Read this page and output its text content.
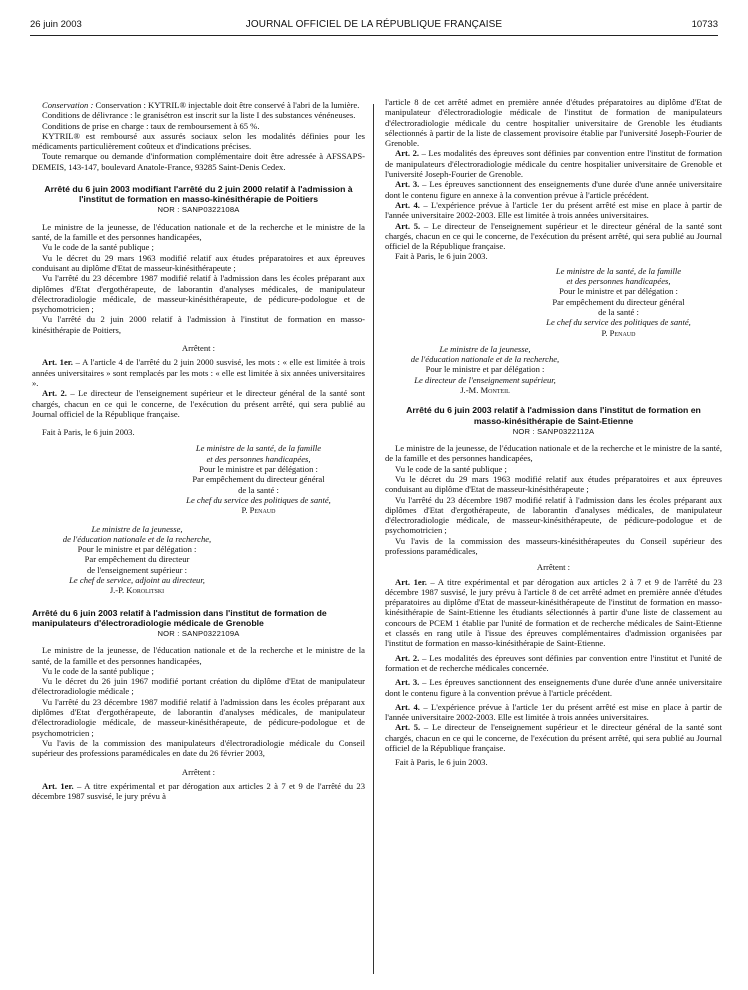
26 juin 2003	JOURNAL OFFICIEL DE LA RÉPUBLIQUE FRANÇAISE	10733

Conservation : Conservation : KYTRIL® injectable doit être conservé à l'abri de la lumière.

Conditions de délivrance : le granisétron est inscrit sur la liste I des substances vénéneuses.

Conditions de prise en charge : taux de remboursement à 65 %.

KYTRIL® est remboursé aux assurés sociaux selon les modalités définies pour les médicaments particulièrement coûteux et d'indications précises.

Toute remarque ou demande d'information complémentaire doit être adressée à AFSSAPS-DEMEIS, 143-147, boulevard Anatole-France, 93285 Saint-Denis Cedex.

Arrêté du 6 juin 2003 modifiant l'arrêté du 2 juin 2000 relatif à l'admission à l'institut de formation en masso-kinésithérapie de Poitiers
NOR : SANP0322108A

Le ministre de la jeunesse, de l'éducation nationale et de la recherche et le ministre de la santé, de la famille et des personnes handicapées,

Vu le code de la santé publique ;

Vu le décret du 29 mars 1963 modifié relatif aux études préparatoires et aux épreuves conduisant au diplôme d'Etat de masseur-kinésithérapeute ;

Vu l'arrêté du 23 décembre 1987 modifié relatif à l'admission dans les écoles préparant aux diplômes d'Etat d'ergothérapeute, de laborantin d'analyses médicales, de manipulateur d'électroradiologie médicale, de masseur-kinésithérapeute, de pédicure-podologue et de psychomotricien ;

Vu l'arrêté du 2 juin 2000 relatif à l'admission à l'institut de formation en masso-kinésithérapie de Poitiers,

Arrêtent :

Art. 1er. – A l'article 4 de l'arrêté du 2 juin 2000 susvisé, les mots : « elle est limitée à trois années universitaires » sont remplacés par les mots : « elle est limitée à six années universitaires ».

Art. 2. – Le directeur de l'enseignement supérieur et le directeur général de la santé sont chargés, chacun en ce qui le concerne, de l'exécution du présent arrêté, qui sera publié au Journal officiel de la République française.

Fait à Paris, le 6 juin 2003.

Le ministre de la santé, de la famille
et des personnes handicapées,
Pour le ministre et par délégation :
Par empêchement du directeur général
de la santé :
Le chef du service des politiques de santé,
P. Penaud
Le ministre de la jeunesse,
de l'éducation nationale et de la recherche,
Pour le ministre et par délégation :
Par empêchement du directeur
de l'enseignement supérieur :
Le chef de service, adjoint au directeur,
J.-P. Korolitski
Arrêté du 6 juin 2003 relatif à l'admission dans l'institut de formation de manipulateurs d'électroradiologie médicale de Grenoble
NOR : SANP0322109A

Le ministre de la jeunesse, de l'éducation nationale et de la recherche et le ministre de la santé, de la famille et des personnes handicapées,

Vu le code de la santé publique ;

Vu le décret du 26 juin 1967 modifié portant création du diplôme d'Etat de manipulateur d'électroradiologie médicale ;

Vu l'arrêté du 23 décembre 1987 modifié relatif à l'admission dans les écoles préparant aux diplômes d'Etat d'ergothérapeute, de laborantin d'analyses médicales, de manipulateur d'électroradiologie médicale, de masseur-kinésithérapeute, de pédicure-podologue et de psychomotricien ;

Vu l'avis de la commission des manipulateurs d'électroradiologie médicale du Conseil supérieur des professions paramédicales en date du 26 février 2003,

Arrêtent :

Art. 1er. – A titre expérimental et par dérogation aux articles 2 à 7 et 9 de l'arrêté du 23 décembre 1987 susvisé, le jury prévu à

l'article 8 de cet arrêté admet en première année d'études préparatoires au diplôme d'Etat de manipulateur d'électroradiologie médicale de l'institut de formation de manipulateurs d'électroradiologie médicale du centre hospitalier universitaire de Grenoble les étudiants sélectionnés à partir de la liste de classement provisoire établie par l'université Joseph-Fourier de Grenoble.

Art. 2. – Les modalités des épreuves sont définies par convention entre l'institut de formation de manipulateurs d'électroradiologie médicale du centre hospitalier universitaire de Grenoble et l'université Joseph-Fourier de Grenoble.

Art. 3. – Les épreuves sanctionnent des enseignements d'une durée d'une année universitaire dont le contenu figure en annexe à la convention prévue à l'article précédent.

Art. 4. – L'expérience prévue à l'article 1er du présent arrêté est mise en place à partir de l'année universitaire 2002-2003. Elle est limitée à trois années universitaires.

Art. 5. – Le directeur de l'enseignement supérieur et le directeur général de la santé sont chargés, chacun en ce qui le concerne, de l'exécution du présent arrêté, qui sera publié au Journal officiel de la République française.

Fait à Paris, le 6 juin 2003.

Le ministre de la santé, de la famille
et des personnes handicapées,
Pour le ministre et par délégation :
Par empêchement du directeur général
de la santé :
Le chef du service des politiques de santé,
P. Penaud
Le ministre de la jeunesse,
de l'éducation nationale et de la recherche,
Pour le ministre et par délégation :
Le directeur de l'enseignement supérieur,
J.-M. Monteil
Arrêté du 6 juin 2003 relatif à l'admission dans l'institut de formation en masso-kinésithérapie de Saint-Etienne
NOR : SANP0322112A

Le ministre de la jeunesse, de l'éducation nationale et de la recherche et le ministre de la santé, de la famille et des personnes handicapées,

Vu le code de la santé publique ;

Vu le décret du 29 mars 1963 modifié relatif aux études préparatoires et aux épreuves conduisant au diplôme d'Etat de masseur-kinésithérapeute ;

Vu l'arrêté du 23 décembre 1987 modifié relatif à l'admission dans les écoles préparant aux diplômes d'Etat d'ergothérapeute, de laborantin d'analyses médicales, de manipulateur d'électroradiologie médicale, de masseur-kinésithérapeute, de pédicure-podologue et de psychomotricien ;

Vu l'avis de la commission des masseurs-kinésithérapeutes du Conseil supérieur des professions paramédicales,

Arrêtent :

Art. 1er. – A titre expérimental et par dérogation aux articles 2 à 7 et 9 de l'arrêté du 23 décembre 1987 susvisé, le jury prévu à l'article 8 de cet arrêté admet en première année d'études préparatoires au diplôme d'Etat de masseur-kinésithérapeute de l'institut de formation en masso-kinésithérapie de Saint-Etienne les étudiants sélectionnés à partir d'une liste de classement au concours de PCEM 1 établie par l'unité de formation et de recherche médicales de Saint-Etienne et classés en rang utile à l'issue des épreuves complémentaires d'admission organisées par l'institut de formation en masso-kinésithérapie de Saint-Etienne.

Art. 2. – Les modalités des épreuves sont définies par convention entre l'institut et l'unité de formation et de recherche médicales concernée.

Art. 3. – Les épreuves sanctionnent des enseignements d'une durée d'une année universitaire dont le contenu figure à la convention prévue à l'article précédent.

Art. 4. – L'expérience prévue à l'article 1er du présent arrêté est mise en place à partir de l'année universitaire 2002-2003. Elle est limitée à trois années universitaires.

Art. 5. – Le directeur de l'enseignement supérieur et le directeur général de la santé sont chargés, chacun en ce qui le concerne, de l'exécution du présent arrêté, qui sera publié au Journal officiel de la République française.

Fait à Paris, le 6 juin 2003.
